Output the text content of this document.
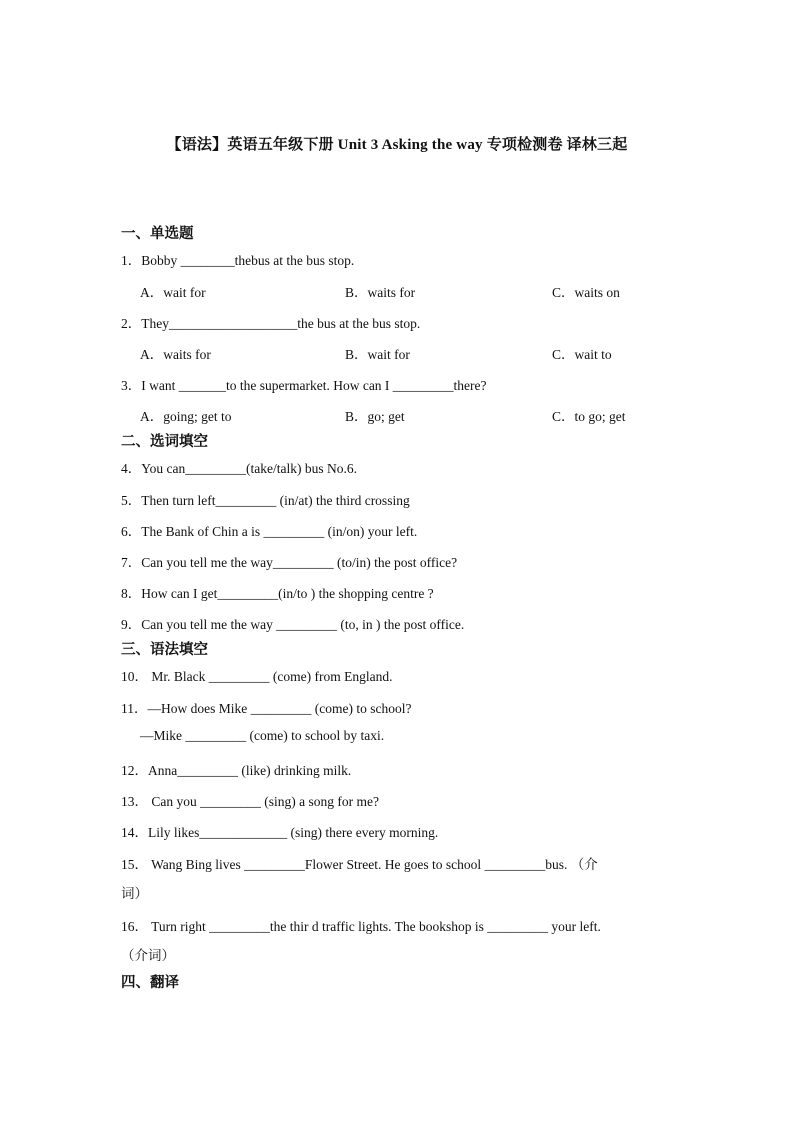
【语法】英语五年级下册 Unit 3 Asking the way 专项检测卷 译林三起
一、单选题
1．Bobby ________thebus at the bus stop.
A．wait for	B．waits for	C．waits on
2．They___________________the bus at the bus stop.
A．waits for	B．wait for	C．wait to
3．I want _______to the supermarket. How can I _________there?
A．going; get to	B．go; get	C．to go; get
二、选词填空
4．You can_________(take/talk) bus No.6.
5．Then turn left_________ (in/at) the third crossing
6．The Bank of Chin a is _________ (in/on) your left.
7．Can you tell me the way_________ (to/in) the post office?
8．How can I get_________(in/to ) the shopping centre ?
9．Can you tell me the way _________ (to, in ) the post office.
三、语法填空
10． Mr. Black _________ (come) from England.
11．—How does Mike _________ (come) to school?
—Mike _________ (come) to school by taxi.
12．Anna_________ (like) drinking milk.
13． Can you _________ (sing) a song for me?
14．Lily likes_____________ (sing) there every morning.
15． Wang Bing lives _________Flower Street. He goes to school _________bus. （介
词）
16． Turn right _________the thir d traffic lights. The bookshop is _________ your left.
（介词）
四、翻译
